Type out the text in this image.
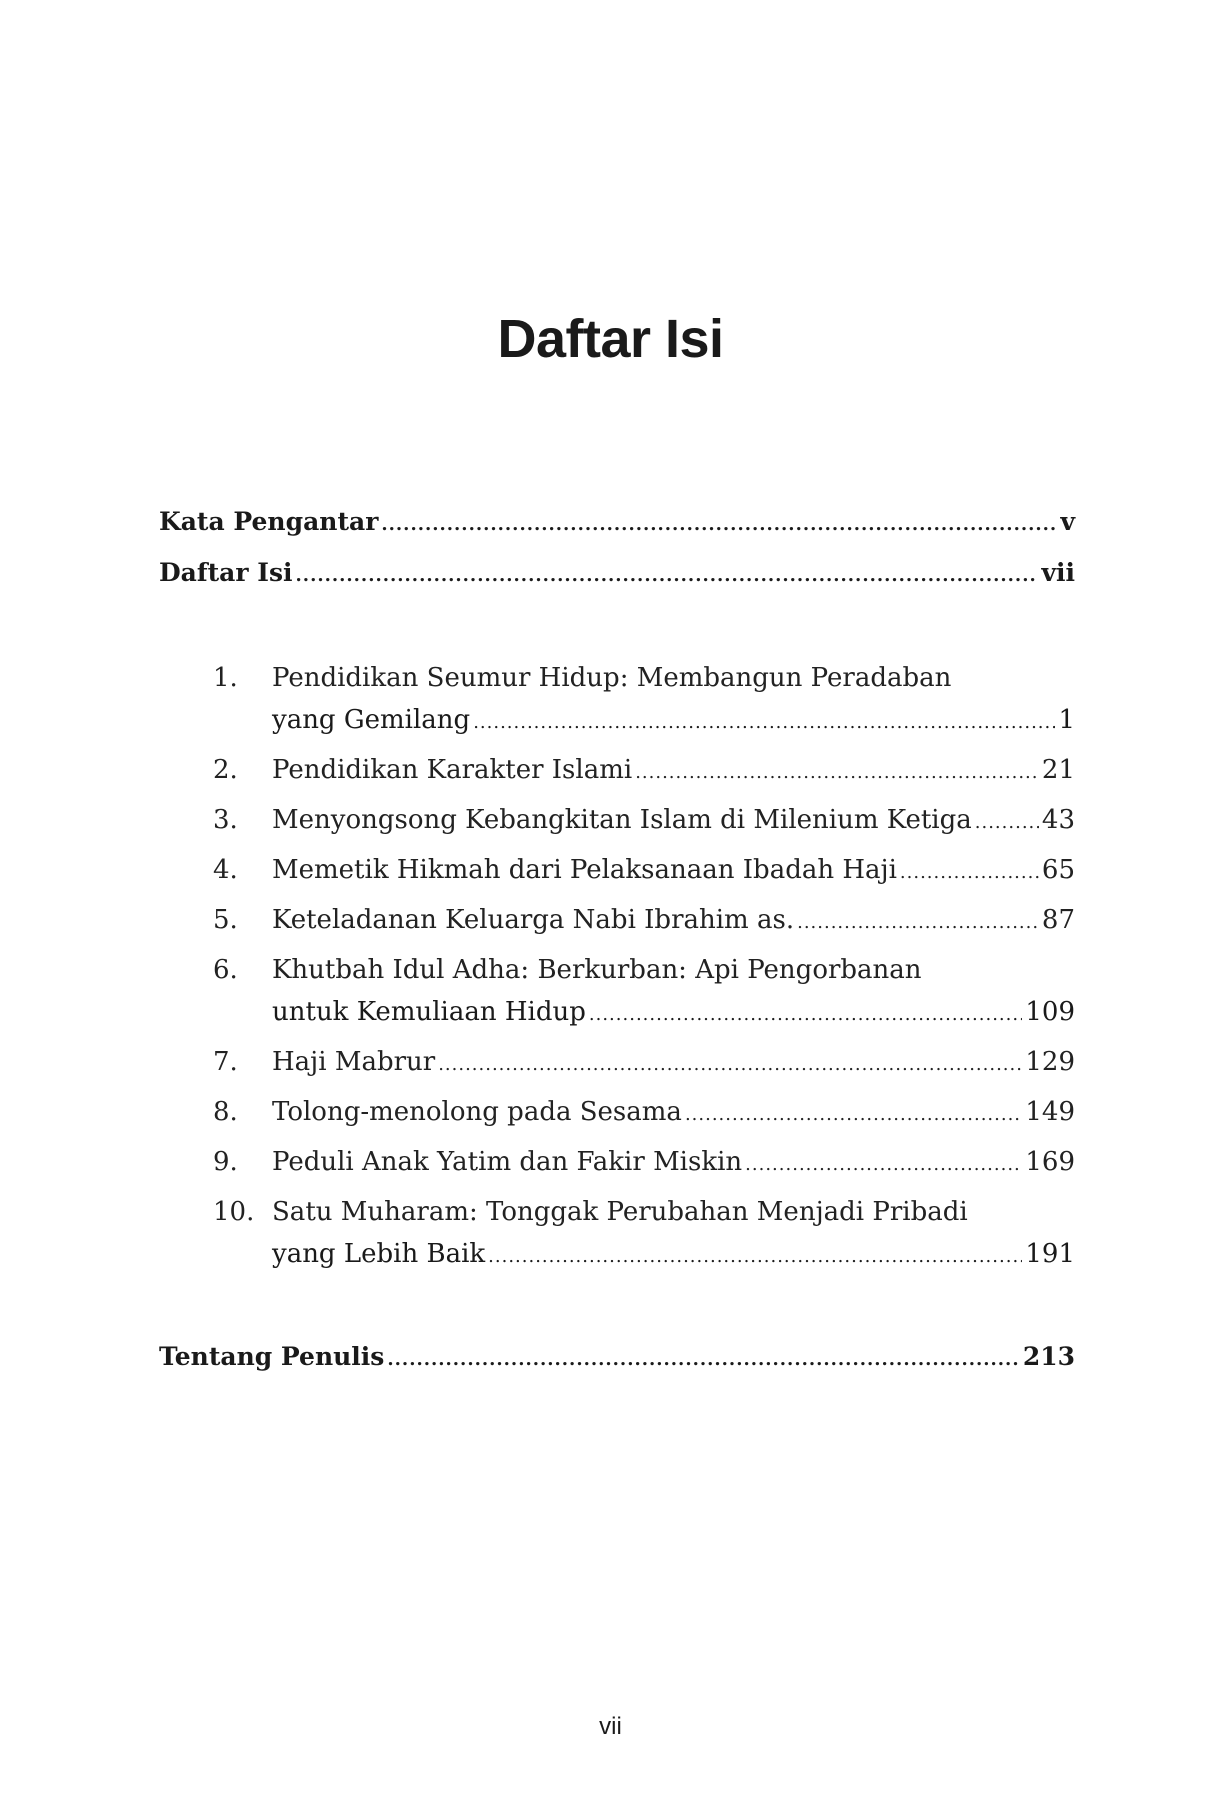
Daftar Isi
Kata Pengantar .....	v
Daftar Isi .....	vii
1. Pendidikan Seumur Hidup: Membangun Peradaban
yang Gemilang .....	1
2. Pendidikan Karakter Islami .....	21
3. Menyongsong Kebangkitan Islam di Milenium Ketiga .....	43
4. Memetik Hikmah dari Pelaksanaan Ibadah Haji .....	65
5. Keteladanan Keluarga Nabi Ibrahim as. .....	87
6. Khutbah Idul Adha: Berkurban: Api Pengorbanan
untuk Kemuliaan Hidup .....	109
7. Haji Mabrur .....	129
8. Tolong-menolong pada Sesama .....	149
9. Peduli Anak Yatim dan Fakir Miskin .....	169
10. Satu Muharam: Tonggak Perubahan Menjadi Pribadi
yang Lebih Baik .....	191
Tentang Penulis .....	213
vii
